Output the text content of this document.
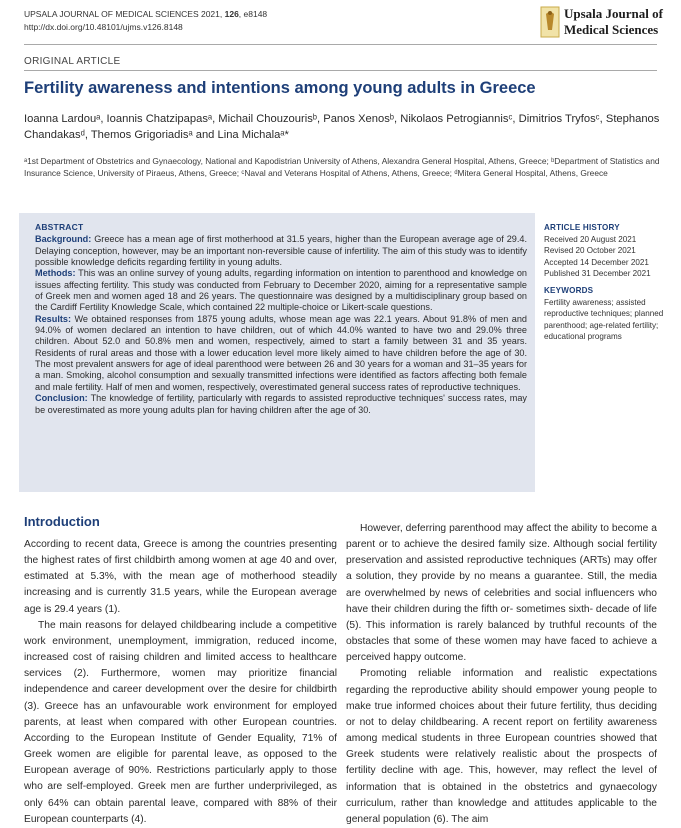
UPSALA JOURNAL OF MEDICAL SCIENCES 2021, 126, e8148
http://dx.doi.org/10.48101/ujms.v126.8148
Upsala Journal of
Medical Sciences
ORIGINAL ARTICLE
Fertility awareness and intentions among young adults in Greece
Ioanna Lardouᵃ, Ioannis Chatzipapasᵃ, Michail Chouzourisᵇ, Panos Xenosᵇ, Nikolaos Petrogiannisᶜ, Dimitrios Tryfosᶜ, Stephanos Chandakasᵈ, Themos Grigoriadisᵃ and Lina Michalaᵃ*
ᵃ1st Department of Obstetrics and Gynaecology, National and Kapodistrian University of Athens, Alexandra General Hospital, Athens, Greece; ᵇDepartment of Statistics and Insurance Science, University of Piraeus, Athens, Greece; ᶜNaval and Veterans Hospital of Athens, Athens, Greece; ᵈMitera General Hospital, Athens, Greece
ABSTRACT

Background: Greece has a mean age of first motherhood at 31.5 years, higher than the European average age of 29.4. Delaying conception, however, may be an important non-reversible cause of infertility. The aim of this study was to identify possible knowledge deficits regarding fertility in young adults.

Methods: This was an online survey of young adults, regarding information on intention to parenthood and knowledge on issues affecting fertility. This study was conducted from February to December 2020, aiming for a representative sample of Greek men and women aged 18 and 26 years. The questionnaire was designed by a multidisciplinary group based on the Cardiff Fertility Knowledge Scale, which contained 22 multiple-choice or Likert-scale questions.

Results: We obtained responses from 1875 young adults, whose mean age was 22.1 years. About 91.8% of men and 94.0% of women declared an intention to have children, out of which 44.0% wanted to have two and 29.0% three children. About 52.0 and 50.8% men and women, respectively, aimed to start a family between 31 and 35 years. Residents of rural areas and those with a lower education level more likely aimed to have children before the age of 30. The most prevalent answers for age of ideal parenthood were between 26 and 30 years for a woman and 31–35 years for a man. Smoking, alcohol consumption and sexually transmitted infections were identified as factors affecting both female and male fertility. Half of men and women, respectively, overestimated general success rates of reproductive techniques.

Conclusion: The knowledge of fertility, particularly with regards to assisted reproductive techniques' success rates, may be overestimated as more young adults plan for having children after the age of 30.

ARTICLE HISTORY
Received 20 August 2021
Revised 20 October 2021
Accepted 14 December 2021
Published 31 December 2021
KEYWORDS
Fertility awareness; assisted reproductive techniques; planned parenthood; age-related fertility; educational programs
Introduction

According to recent data, Greece is among the countries presenting the highest rates of first childbirth among women at age 40 and over, estimated at 5.3%, with the mean age of motherhood steadily increasing and is currently 31.5 years, while the European average age is 29.4 years (1).

The main reasons for delayed childbearing include a competitive work environment, unemployment, immigration, reduced income, increased cost of raising children and limited access to healthcare services (2). Furthermore, women may prioritize financial independence and career development over the desire for childbirth (3). Greece has an unfavourable work environment for employed parents, at least when compared with other European countries. According to the European Institute of Gender Equality, 71% of Greek women are eligible for parental leave, as opposed to the European average of 90%. Restrictions particularly apply to those who are self-employed. Greek men are further underprivileged, as only 64% can obtain parental leave, compared with 88% of their European counterparts (4).

However, deferring parenthood may affect the ability to become a parent or to achieve the desired family size. Although social fertility preservation and assisted reproductive techniques (ARTs) may offer a solution, they provide by no means a guarantee. Still, the media are overwhelmed by news of celebrities and social influencers who have their children during the fifth or- sometimes sixth- decade of life (5). This information is rarely balanced by truthful recounts of the obstacles that some of these women may have faced to achieve a perceived happy outcome.

Promoting reliable information and realistic expectations regarding the reproductive ability should empower young people to make true informed choices about their future fertility, thus deciding or not to delay childbearing. A recent report on fertility awareness among medical students in three European countries showed that Greek students were relatively realistic about the prospects of fertility decline with age. This, however, may reflect the level of information that is obtained in the obstetrics and gynaecology curriculum, rather than knowledge and attitudes applicable to the general population (6). The aim
